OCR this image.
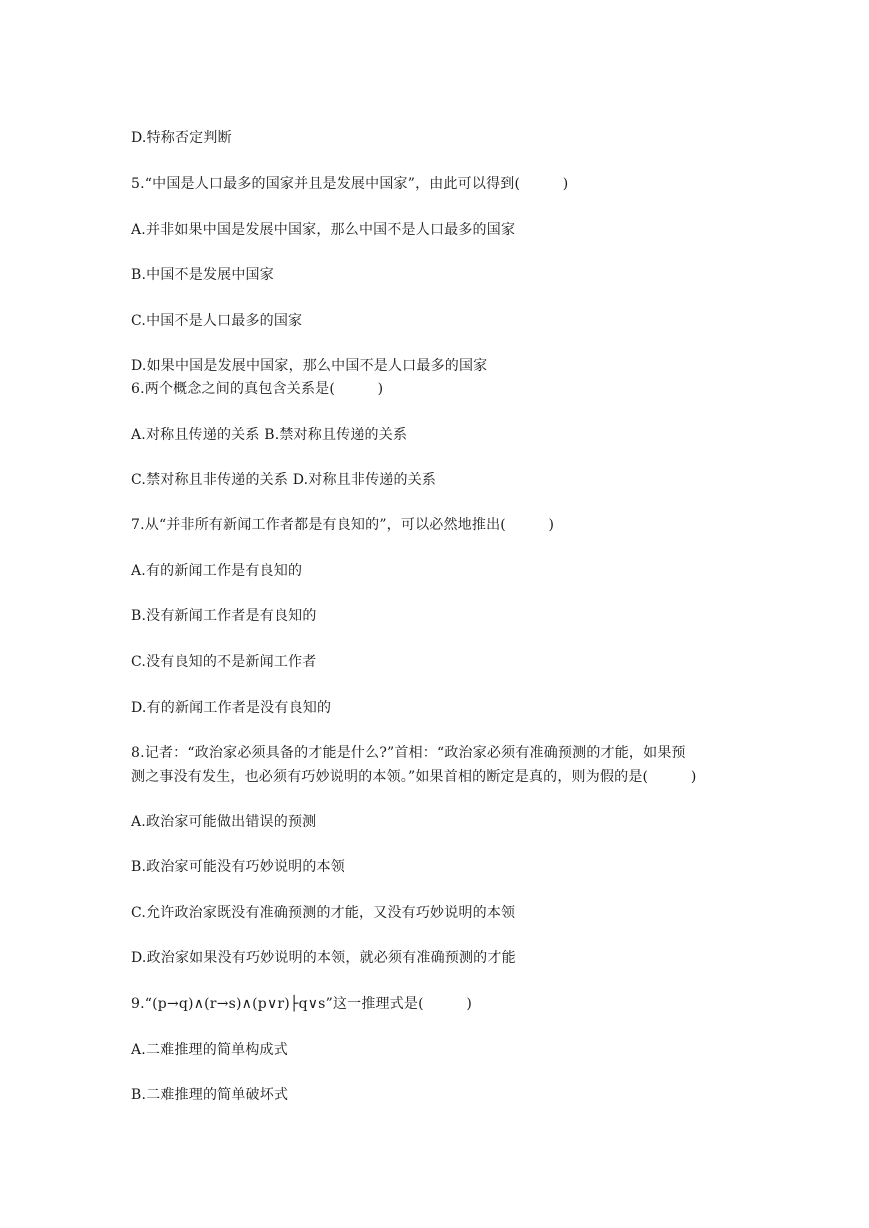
D.特称否定判断
5.“中国是人口最多的国家并且是发展中国家”，由此可以得到(　　　)
A.并非如果中国是发展中国家，那么中国不是人口最多的国家
B.中国不是发展中国家
C.中国不是人口最多的国家
D.如果中国是发展中国家，那么中国不是人口最多的国家
6.两个概念之间的真包含关系是(　　　)
A.对称且传递的关系 B.禁对称且传递的关系
C.禁对称且非传递的关系 D.对称且非传递的关系
7.从“并非所有新闻工作者都是有良知的”，可以必然地推出(　　　)
A.有的新闻工作是有良知的
B.没有新闻工作者是有良知的
C.没有良知的不是新闻工作者
D.有的新闻工作者是没有良知的
8.记者：“政治家必须具备的才能是什么?”首相：“政治家必须有准确预测的才能，如果预
测之事没有发生，也必须有巧妙说明的本领。”如果首相的断定是真的，则为假的是(　　　)
A.政治家可能做出错误的预测
B.政治家可能没有巧妙说明的本领
C.允许政治家既没有准确预测的才能，又没有巧妙说明的本领
D.政治家如果没有巧妙说明的本领，就必须有准确预测的才能
9.“(p→q)∧(r→s)∧(p∨r)├q∨s”这一推理式是(　　　)
A.二难推理的简单构成式
B.二难推理的简单破坏式
